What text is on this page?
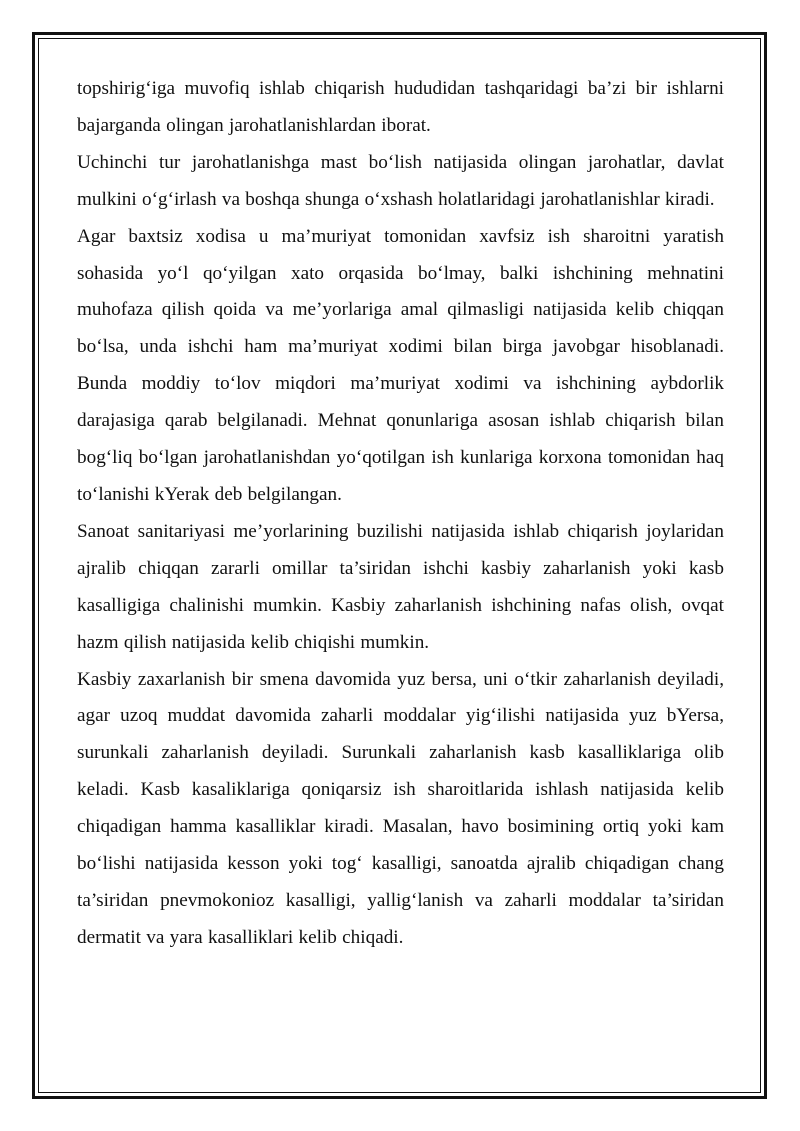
topshirig‘iga muvofiq ishlab chiqarish hududidan tashqaridagi ba’zi bir ishlarni bajarganda olingan jarohatlanishlardan iborat.

Uchinchi tur jarohatlanishga mast bo‘lish natijasida olingan jarohatlar, davlat mulkini o‘g‘irlash va boshqa shunga o‘xshash holatlaridagi jarohatlanishlar kiradi.

Agar baxtsiz xodisa u ma’muriyat tomonidan xavfsiz ish sharoitni yaratish sohasida yo‘l qo‘yilgan xato orqasida bo‘lmay, balki ishchining mehnatini muhofaza qilish qoida va me’yorlariga amal qilmasligi natijasida kelib chiqqan bo‘lsa, unda ishchi ham ma’muriyat xodimi bilan birga javobgar hisoblanadi. Bunda moddiy to‘lov miqdori ma’muriyat xodimi va ishchining aybdorlik darajasiga qarab belgilanadi. Mehnat qonunlariga asosan ishlab chiqarish bilan bog‘liq bo‘lgan jarohatlanishdan yo‘qotilgan ish kunlariga korxona tomonidan haq to‘lanishi kYerak deb belgilangan.

Sanoat sanitariyasi me’yorlarining buzilishi natijasida ishlab chiqarish joylaridan ajralib chiqqan zararli omillar ta’siridan ishchi kasbiy zaharlanish yoki kasb kasalligiga chalinishi mumkin. Kasbiy zaharlanish ishchining nafas olish, ovqat hazm qilish natijasida kelib chiqishi mumkin.

Kasbiy zaxarlanish bir smena davomida yuz bersa, uni o‘tkir zaharlanish deyiladi, agar uzoq muddat davomida zaharli moddalar yig‘ilishi natijasida yuz bYersa, surunkali zaharlanish deyiladi. Surunkali zaharlanish kasb kasalliklariga olib keladi. Kasb kasaliklariga qoniqarsiz ish sharoitlarida ishlash natijasida kelib chiqadigan hamma kasalliklar kiradi. Masalan, havo bosimining ortiq yoki kam bo‘lishi natijasida kesson yoki tog‘ kasalligi, sanoatda ajralib chiqadigan chang ta’siridan pnevmokonioz kasalligi, yallig‘lanish va zaharli moddalar ta’siridan dermatit va yara kasalliklari kelib chiqadi.
